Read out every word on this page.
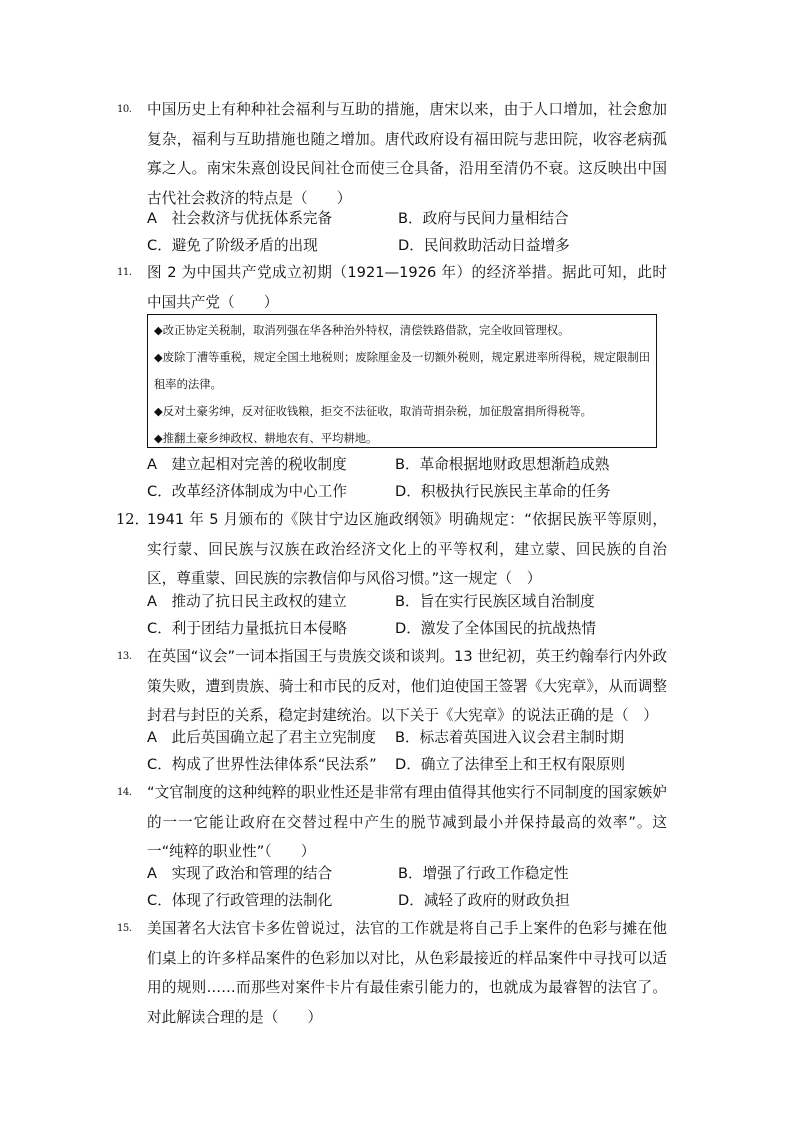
10. 中国历史上有种种社会福利与互助的措施，唐宋以来，由于人口增加，社会愈加复杂，福利与互助措施也随之增加。唐代政府设有福田院与悲田院，收容老病孤寡之人。南宋朱熹创设民间社仓而使三仓具备，沿用至清仍不衰。这反映出中国古代社会救济的特点是（　　）
A　社会救济与优抚体系完备	B．政府与民间力量相结合
C．避免了阶级矛盾的出现	D．民间救助活动日益增多
11. 图 2 为中国共产党成立初期（1921—1926 年）的经济举措。据此可知，此时中国共产党（　　）
◆改正协定关税制，取消列强在华各种治外特权，清偿铁路借款，完全收回管理权。
◆废除丁漕等重税，规定全国土地税则；废除厘金及一切额外税则，规定累进率所得税，规定限制田租率的法律。
◆反对土豪劣绅，反对征收钱粮，拒交不法征收，取消苛捐杂税，加征殷富捐所得税等。
◆推翻土豪乡绅政权、耕地农有、平均耕地。
A　建立起相对完善的税收制度	B．革命根据地财政思想渐趋成熟
C．改革经济体制成为中心工作	D．积极执行民族民主革命的任务
12．
1941 年 5 月颁布的《陕甘宁边区施政纲领》明确规定：“依据民族平等原则，实行蒙、回民族与汉族在政治经济文化上的平等权利，建立蒙、回民族的自治区，尊重蒙、回民族的宗教信仰与风俗习惯。”这一规定（　）
A　推动了抗日民主政权的建立	B．旨在实行民族区域自治制度
C．利于团结力量抵抗日本侵略	D．激发了全体国民的抗战热情
13. 在英国“议会”一词本指国王与贵族交谈和谈判。13 世纪初，英王约翰奉行内外政策失败，遭到贵族、骑士和市民的反对，他们迫使国王签署《大宪章》，从而调整封君与封臣的关系，稳定封建统治。以下关于《大宪章》的说法正确的是（　）
A　此后英国确立起了君主立宪制度	B．标志着英国进入议会君主制时期
C．构成了世界性法律体系“民法系”	D．确立了法律至上和王权有限原则
14. “文官制度的这种纯粹的职业性还是非常有理由值得其他实行不同制度的国家嫉妒的一一它能让政府在交替过程中产生的脱节减到最小并保持最高的效率”。这一“纯粹的职业性”（　　）
A　实现了政治和管理的结合	B．增强了行政工作稳定性
C．体现了行政管理的法制化	D．减轻了政府的财政负担
15. 美国著名大法官卡多佐曾说过，法官的工作就是将自己手上案件的色彩与摊在他们桌上的许多样品案件的色彩加以对比，从色彩最接近的样品案件中寻找可以适用的规则……而那些对案件卡片有最佳索引能力的，也就成为最睿智的法官了。对此解读合理的是（　　）
